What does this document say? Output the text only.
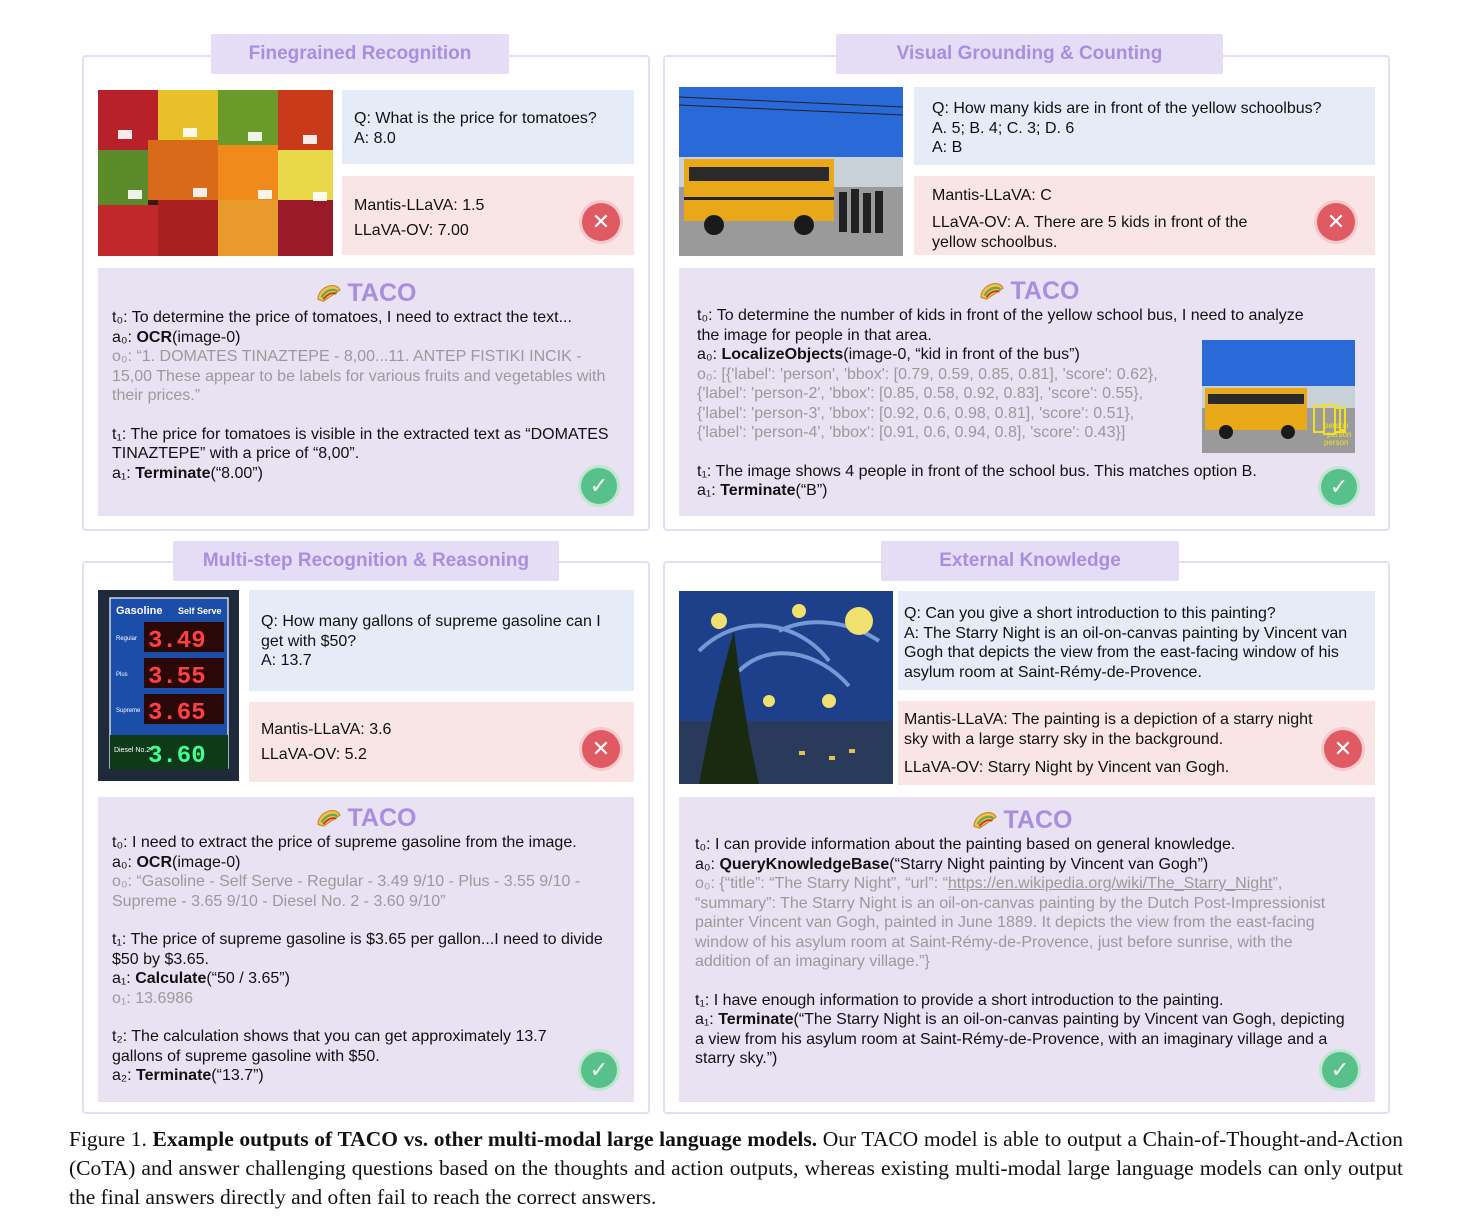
Finegrained Recognition
Q: What is the price for tomatoes?
A: 8.0
Mantis-LLaVA: 1.5
LLaVA-OV: 7.00	✕
TACO
t₀: To determine the price of tomatoes, I need to extract the text...
a₀: OCR(image-0)
o₀: “1. DOMATES TINAZTEPE - 8,00...11. ANTEP FISTIKI INCIK - 15,00 These appear to be labels for various fruits and vegetables with their prices.”
t₁: The price for tomatoes is visible in the extracted text as “DOMATES TINAZTEPE” with a price of “8,00”.
a₁: Terminate(“8.00”)	✓
Visual Grounding & Counting
Q: How many kids are in front of the yellow schoolbus?
A. 5; B. 4; C. 3; D. 6
A: B
Mantis-LLaVA: C
LLaVA-OV: A. There are 5 kids in front of the yellow schoolbus.
✕
TACO
t₀: To determine the number of kids in front of the yellow school bus, I need to analyze the image for people in that area.
a₀: LocalizeObjects(image-0, “kid in front of the bus”)
o₀: [{'label': 'person', 'bbox': [0.79, 0.59, 0.85, 0.81], 'score': 0.62},
{'label': 'person-2', 'bbox': [0.85, 0.58, 0.92, 0.83], 'score': 0.55},
{'label': 'person-3', 'bbox': [0.92, 0.6, 0.98, 0.81], 'score': 0.51},
{'label': 'person-4', 'bbox': [0.91, 0.6, 0.94, 0.8], 'score': 0.43}]
t₁: The image shows 4 people in front of the school bus. This matches option B.
a₁: Terminate(“B”)
person
person
person
✓
Multi-step Recognition & Reasoning
Gasoline Self Serve
Regular
Plus
Supreme
3.49
3.55
3.65
3.60
Diesel No.2
Q: How many gallons of supreme gasoline can I get with $50?
A: 13.7
Mantis-LLaVA: 3.6
LLaVA-OV: 5.2	✕
TACO
t₀: I need to extract the price of supreme gasoline from the image.
a₀: OCR(image-0)
o₀: “Gasoline - Self Serve - Regular - 3.49 9/10 - Plus - 3.55 9/10 - Supreme - 3.65 9/10 - Diesel No. 2 - 3.60 9/10”
t₁: The price of supreme gasoline is $3.65 per gallon...I need to divide $50 by $3.65.
a₁: Calculate(“50 / 3.65”)
o₁: 13.6986
t₂: The calculation shows that you can get approximately 13.7 gallons of supreme gasoline with $50.
a₂: Terminate(“13.7”)	✓
External Knowledge
Q: Can you give a short introduction to this painting?
A: The Starry Night is an oil-on-canvas painting by Vincent van Gogh that depicts the view from the east-facing window of his asylum room at Saint-Rémy-de-Provence.
Mantis-LLaVA: The painting is a depiction of a starry night sky with a large starry sky in the background.
LLaVA-OV: Starry Night by Vincent van Gogh.
✕
TACO
t₀: I can provide information about the painting based on general knowledge.
a₀: QueryKnowledgeBase(“Starry Night painting by Vincent van Gogh”)
o₀: {“title”: “The Starry Night”, “url”: “https://en.wikipedia.org/wiki/The_Starry_Night”, “summary”: The Starry Night is an oil-on-canvas painting by the Dutch Post-Impressionist painter Vincent van Gogh, painted in June 1889. It depicts the view from the east-facing window of his asylum room at Saint-Rémy-de-Provence, just before sunrise, with the addition of an imaginary village.”}
t₁: I have enough information to provide a short introduction to the painting.
a₁: Terminate(“The Starry Night is an oil-on-canvas painting by Vincent van Gogh, depicting a view from his asylum room at Saint-Rémy-de-Provence, with an imaginary village and a starry sky.”)	✓
Figure 1. Example outputs of TACO vs. other multi-modal large language models. Our TACO model is able to output a Chain-of-Thought-and-Action (CoTA) and answer challenging questions based on the thoughts and action outputs, whereas existing multi-modal large language models can only output the final answers directly and often fail to reach the correct answers.
